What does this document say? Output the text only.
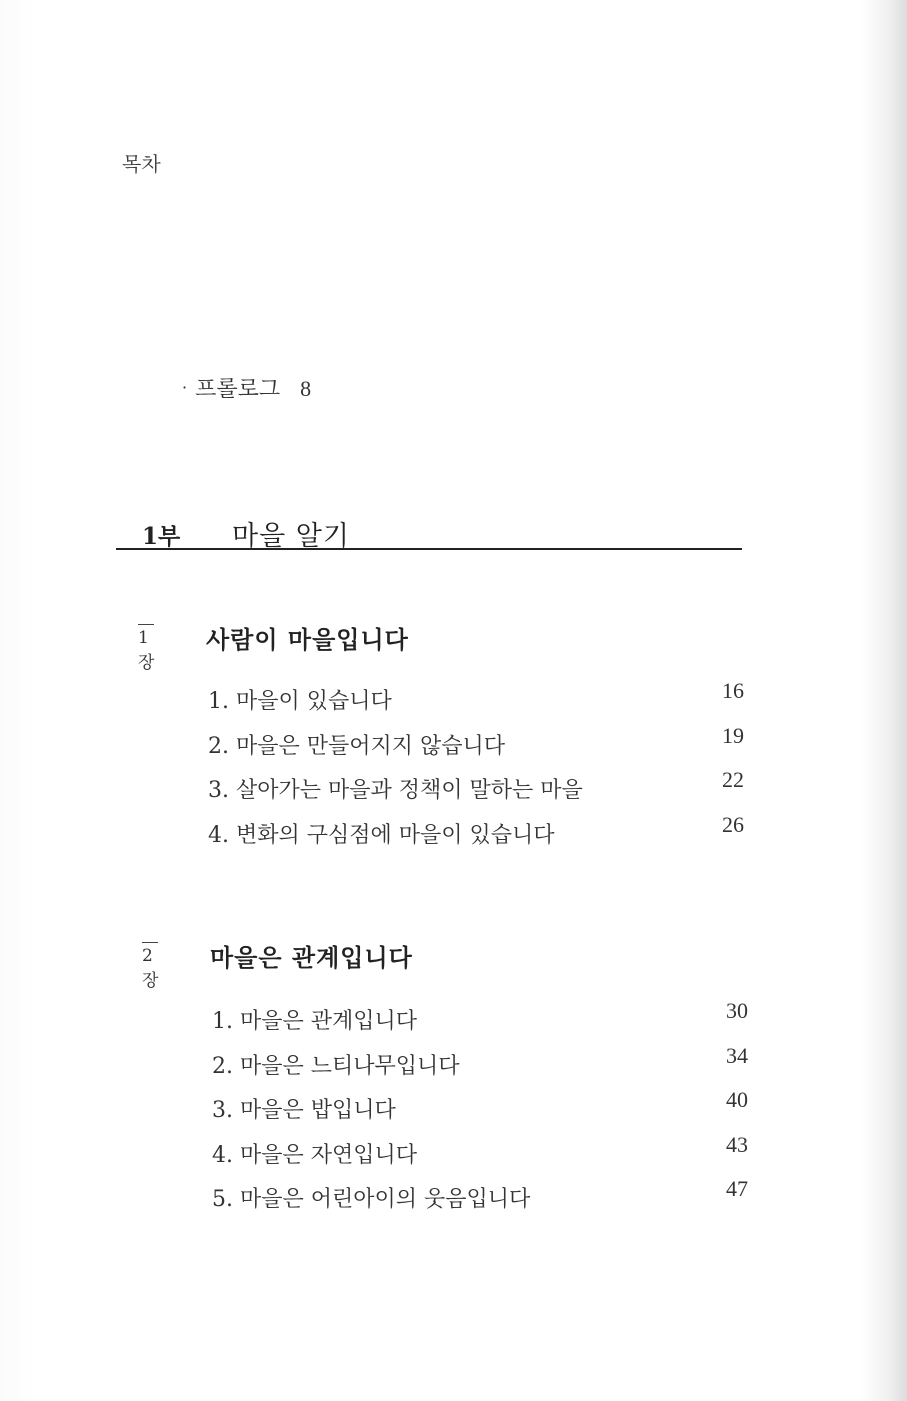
목차
· 프롤로그 8
1부 마을 알기
1장
사람이 마을입니다
1. 마을이 있습니다	16
2. 마을은 만들어지지 않습니다	19
3. 살아가는 마을과 정책이 말하는 마을	22
4. 변화의 구심점에 마을이 있습니다	26
2장
마을은 관계입니다
1. 마을은 관계입니다	30
2. 마을은 느티나무입니다	34
3. 마을은 밥입니다	40
4. 마을은 자연입니다	43
5. 마을은 어린아이의 웃음입니다	47
